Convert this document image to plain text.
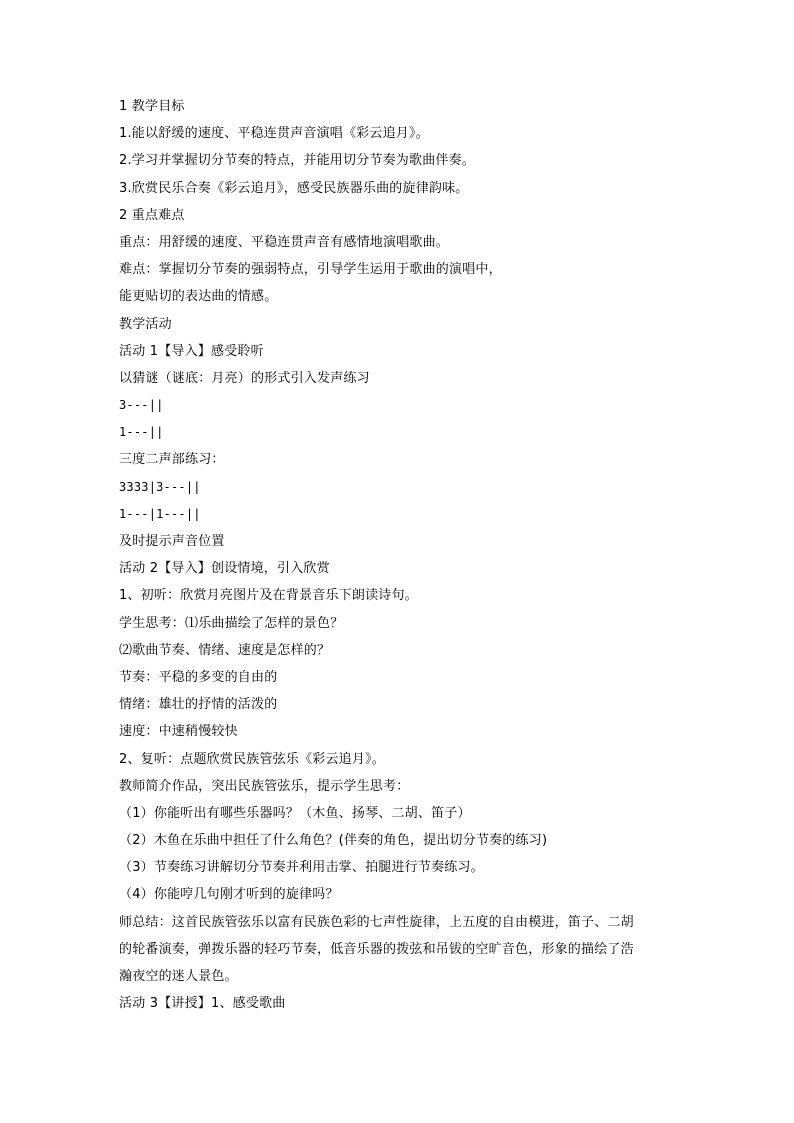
1 教学目标
1.能以舒缓的速度、平稳连贯声音演唱《彩云追月》。
2.学习并掌握切分节奏的特点，并能用切分节奏为歌曲伴奏。
3.欣赏民乐合奏《彩云追月》，感受民族器乐曲的旋律韵味。
2 重点难点
重点：用舒缓的速度、平稳连贯声音有感情地演唱歌曲。
难点：掌握切分节奏的强弱特点，引导学生运用于歌曲的演唱中，
能更贴切的表达曲的情感。
教学活动
活动 1【导入】感受聆听
以猜谜（谜底：月亮）的形式引入发声练习
3---||
1---||
三度二声部练习：
3333|3---||
1---|1---||
及时提示声音位置
活动 2【导入】创设情境，引入欣赏
1、初听：欣赏月亮图片及在背景音乐下朗读诗句。
学生思考：⑴乐曲描绘了怎样的景色？
⑵歌曲节奏、情绪、速度是怎样的？
节奏：平稳的多变的自由的
情绪：雄壮的抒情的活泼的
速度：中速稍慢较快
2、复听：点题欣赏民族管弦乐《彩云追月》。
教师简介作品，突出民族管弦乐，提示学生思考：
（1）你能听出有哪些乐器吗？（木鱼、扬琴、二胡、笛子）
（2）木鱼在乐曲中担任了什么角色？(伴奏的角色，提出切分节奏的练习)
（3）节奏练习讲解切分节奏并利用击掌、拍腿进行节奏练习。
（4）你能哼几句刚才听到的旋律吗？
师总结：这首民族管弦乐以富有民族色彩的七声性旋律，上五度的自由模进，笛子、二胡
的轮番演奏，弹拨乐器的轻巧节奏，低音乐器的拨弦和吊钹的空旷音色，形象的描绘了浩
瀚夜空的迷人景色。
活动 3【讲授】1、感受歌曲
